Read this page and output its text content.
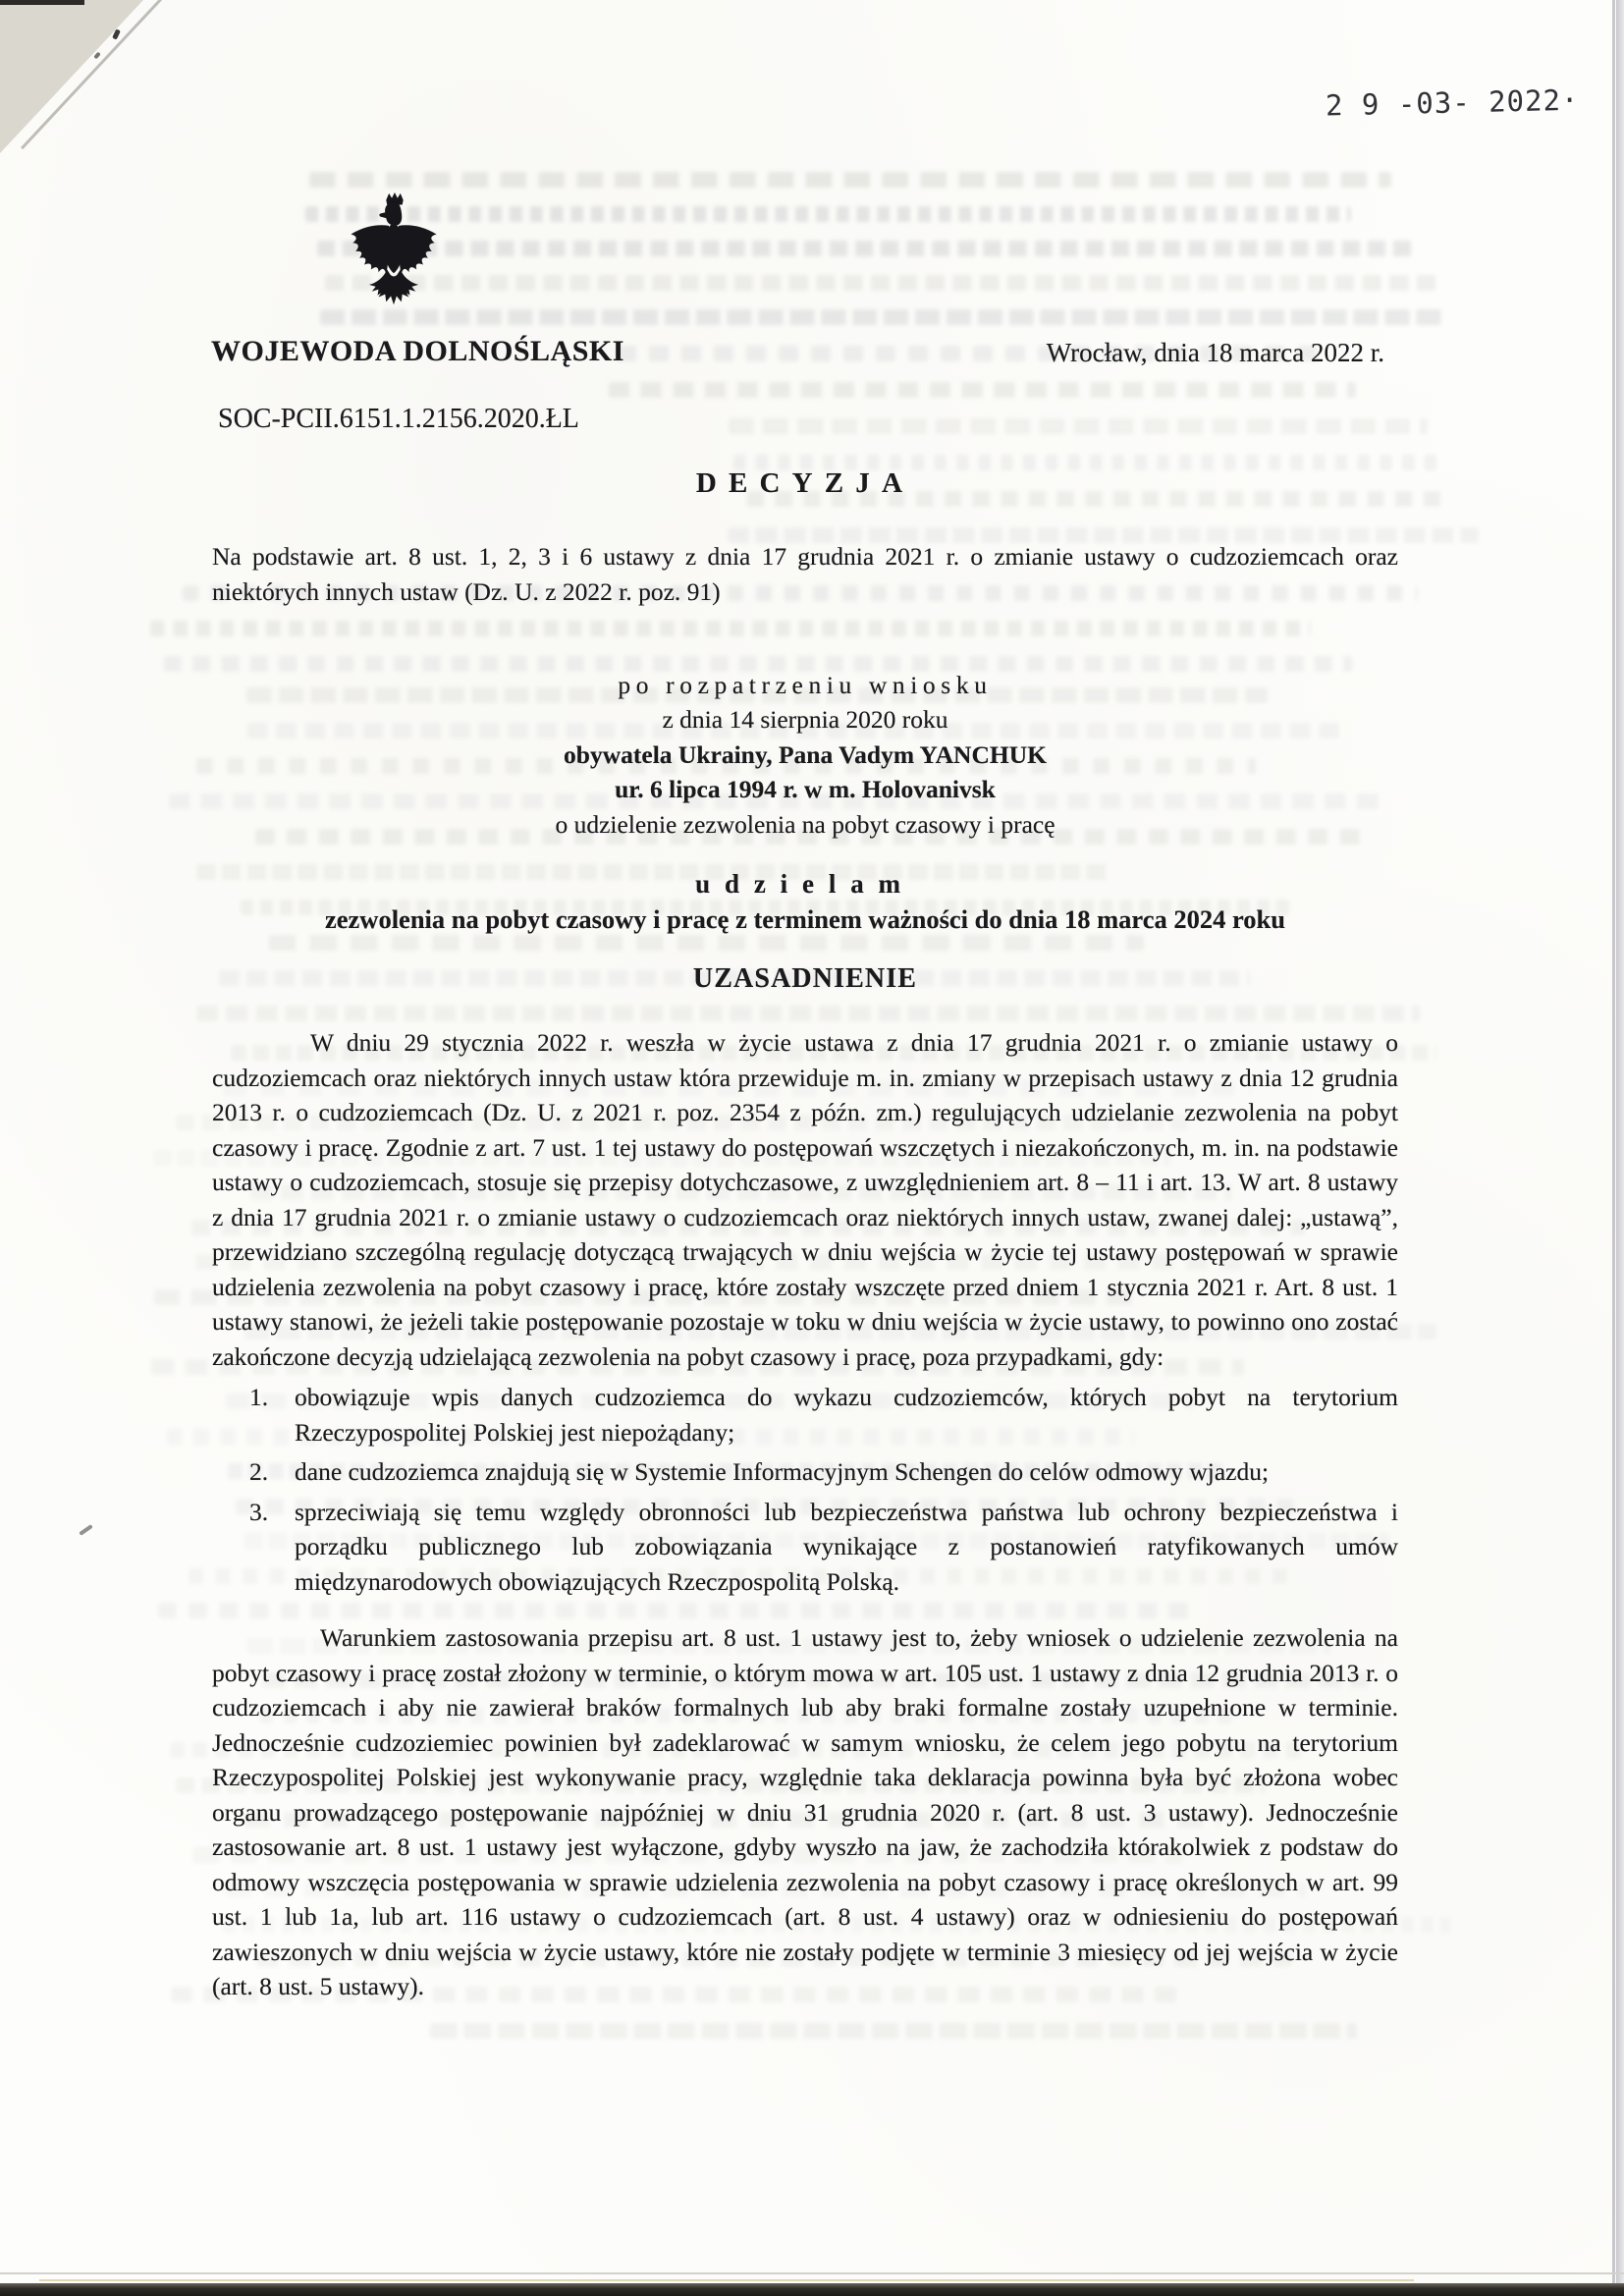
2 9 -03- 2022·
WOJEWODA DOLNOŚLĄSKI	Wrocław, dnia 18 marca 2022 r.
SOC-PCII.6151.1.2156.2020.ŁL
DECYZJA
Na podstawie art. 8 ust. 1, 2, 3 i 6 ustawy z dnia 17 grudnia 2021 r. o zmianie ustawy o cudzoziemcach oraz niektórych innych ustaw (Dz. U. z 2022 r. poz. 91)
po rozpatrzeniu wniosku
z dnia 14 sierpnia 2020 roku
obywatela Ukrainy, Pana Vadym YANCHUK
ur. 6 lipca 1994 r. w m. Holovanivsk
o udzielenie zezwolenia na pobyt czasowy i pracę
udzielam
zezwolenia na pobyt czasowy i pracę z terminem ważności do dnia 18 marca 2024 roku
UZASADNIENIE

W dniu 29 stycznia 2022 r. weszła w życie ustawa z dnia 17 grudnia 2021 r. o zmianie ustawy o cudzoziemcach oraz niektórych innych ustaw która przewiduje m. in. zmiany w przepisach ustawy z dnia 12 grudnia 2013 r. o cudzoziemcach (Dz. U. z 2021 r. poz. 2354 z późn. zm.) regulujących udzielanie zezwolenia na pobyt czasowy i pracę. Zgodnie z art. 7 ust. 1 tej ustawy do postępowań wszczętych i niezakończonych, m. in. na podstawie ustawy o cudzoziemcach, stosuje się przepisy dotychczasowe, z uwzględnieniem art. 8 – 11 i art. 13. W art. 8 ustawy z dnia 17 grudnia 2021 r. o zmianie ustawy o cudzoziemcach oraz niektórych innych ustaw, zwanej dalej: „ustawą”, przewidziano szczególną regulację dotyczącą trwających w dniu wejścia w życie tej ustawy postępowań w sprawie udzielenia zezwolenia na pobyt czasowy i pracę, które zostały wszczęte przed dniem 1 stycznia 2021 r. Art. 8 ust. 1 ustawy stanowi, że jeżeli takie postępowanie pozostaje w toku w dniu wejścia w życie ustawy, to powinno ono zostać zakończone decyzją udzielającą zezwolenia na pobyt czasowy i pracę, poza przypadkami, gdy:

obowiązuje wpis danych cudzoziemca do wykazu cudzoziemców, których pobyt na terytorium Rzeczypospolitej Polskiej jest niepożądany;
dane cudzoziemca znajdują się w Systemie Informacyjnym Schengen do celów odmowy wjazdu;
sprzeciwiają się temu względy obronności lub bezpieczeństwa państwa lub ochrony bezpieczeństwa i porządku publicznego lub zobowiązania wynikające z postanowień ratyfikowanych umów międzynarodowych obowiązujących Rzeczpospolitą Polską.

Warunkiem zastosowania przepisu art. 8 ust. 1 ustawy jest to, żeby wniosek o udzielenie zezwolenia na pobyt czasowy i pracę został złożony w terminie, o którym mowa w art. 105 ust. 1 ustawy z dnia 12 grudnia 2013 r. o cudzoziemcach i aby nie zawierał braków formalnych lub aby braki formalne zostały uzupełnione w terminie. Jednocześnie cudzoziemiec powinien był zadeklarować w samym wniosku, że celem jego pobytu na terytorium Rzeczypospolitej Polskiej jest wykonywanie pracy, względnie taka deklaracja powinna była być złożona wobec organu prowadzącego postępowanie najpóźniej w dniu 31 grudnia 2020 r. (art. 8 ust. 3 ustawy). Jednocześnie zastosowanie art. 8 ust. 1 ustawy jest wyłączone, gdyby wyszło na jaw, że zachodziła którakolwiek z podstaw do odmowy wszczęcia postępowania w sprawie udzielenia zezwolenia na pobyt czasowy i pracę określonych w art. 99 ust. 1 lub 1a, lub art. 116 ustawy o cudzoziemcach (art. 8 ust. 4 ustawy) oraz w odniesieniu do postępowań zawieszonych w dniu wejścia w życie ustawy, które nie zostały podjęte w terminie 3 miesięcy od jej wejścia w życie (art. 8 ust. 5 ustawy).
